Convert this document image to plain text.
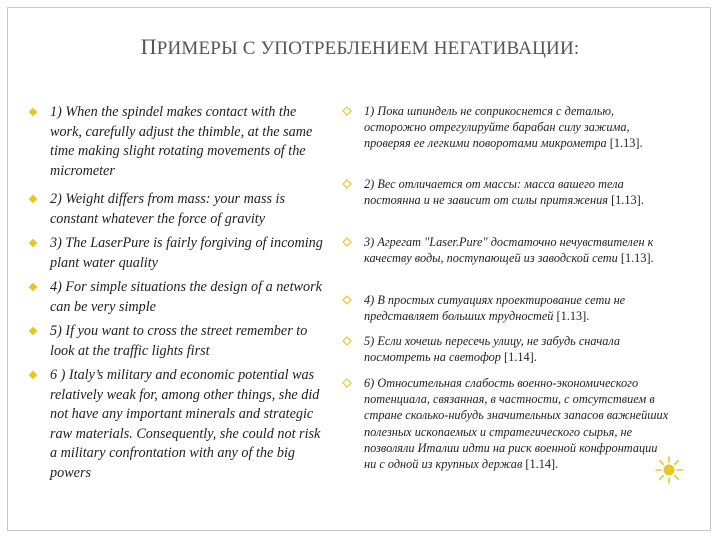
ПРИМЕРЫ С УПОТРЕБЛЕНИЕМ НЕГАТИВАЦИИ:
1) When the spindel makes contact with the work, carefully adjust the thimble, at the same time making slight rotating movements of the micrometer
2) Weight differs from mass: your mass is constant whatever the force of gravity
3) The LaserPure is fairly forgiving of incoming plant water quality
4) For simple situations the design of a network can be very simple
5) If you want to cross the street remember to look at the traffic lights first
6 ) Italy’s military and economic potential was relatively weak for, among other things, she did not have any important minerals and strategic raw materials. Consequently, she could not risk a military confrontation with any of the big powers
1) Пока шпиндель не соприкоснется с деталью, осторожно отрегулируйте барабан силу зажима, проверяя ее легкими поворотами микрометра [1.13].
2) Вес отличается от массы: масса вашего тела постоянна и не зависит от силы притяжения [1.13].
3) Агрегат "Laser.Pure" достаточно нечувствителен к качеству воды, поступающей из заводской сети [1.13].
4) В простых ситуациях проектирование сети не представляет больших трудностей [1.13].
5) Если хочешь пересечь улицу, не забудь сначала посмотреть на светофор [1.14].
6) Относительная слабость военно-экономического потенциала, связанная, в частности, с отсутствием в стране сколько-нибудь значительных запасов важнейших полезных ископаемых и стратегического сырья, не позволяли Италии идти на риск военной конфронтации ни с одной из крупных держав [1.14].
